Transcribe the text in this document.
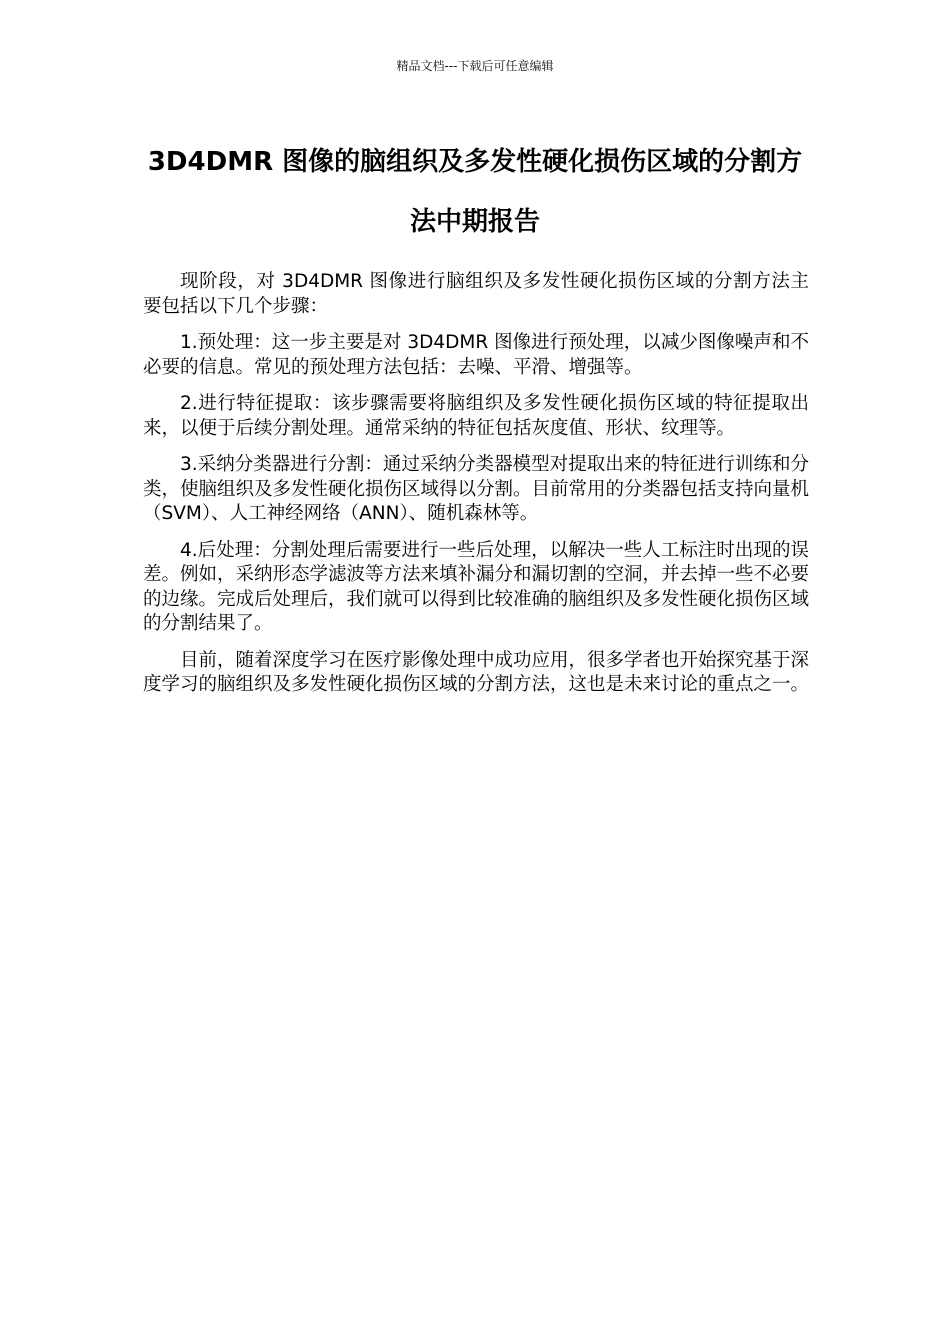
精品文档---下载后可任意编辑
3D4DMR 图像的脑组织及多发性硬化损伤区域的分割方法中期报告

现阶段，对 3D4DMR 图像进行脑组织及多发性硬化损伤区域的分割方法主要包括以下几个步骤：

1.预处理：这一步主要是对 3D4DMR 图像进行预处理，以减少图像噪声和不必要的信息。常见的预处理方法包括：去噪、平滑、增强等。

2.进行特征提取：该步骤需要将脑组织及多发性硬化损伤区域的特征提取出来，以便于后续分割处理。通常采纳的特征包括灰度值、形状、纹理等。

3.采纳分类器进行分割：通过采纳分类器模型对提取出来的特征进行训练和分类，使脑组织及多发性硬化损伤区域得以分割。目前常用的分类器包括支持向量机（SVM）、人工神经网络（ANN）、随机森林等。

4.后处理：分割处理后需要进行一些后处理，以解决一些人工标注时出现的误差。例如，采纳形态学滤波等方法来填补漏分和漏切割的空洞，并去掉一些不必要的边缘。完成后处理后，我们就可以得到比较准确的脑组织及多发性硬化损伤区域的分割结果了。

目前，随着深度学习在医疗影像处理中成功应用，很多学者也开始探究基于深度学习的脑组织及多发性硬化损伤区域的分割方法，这也是未来讨论的重点之一。
